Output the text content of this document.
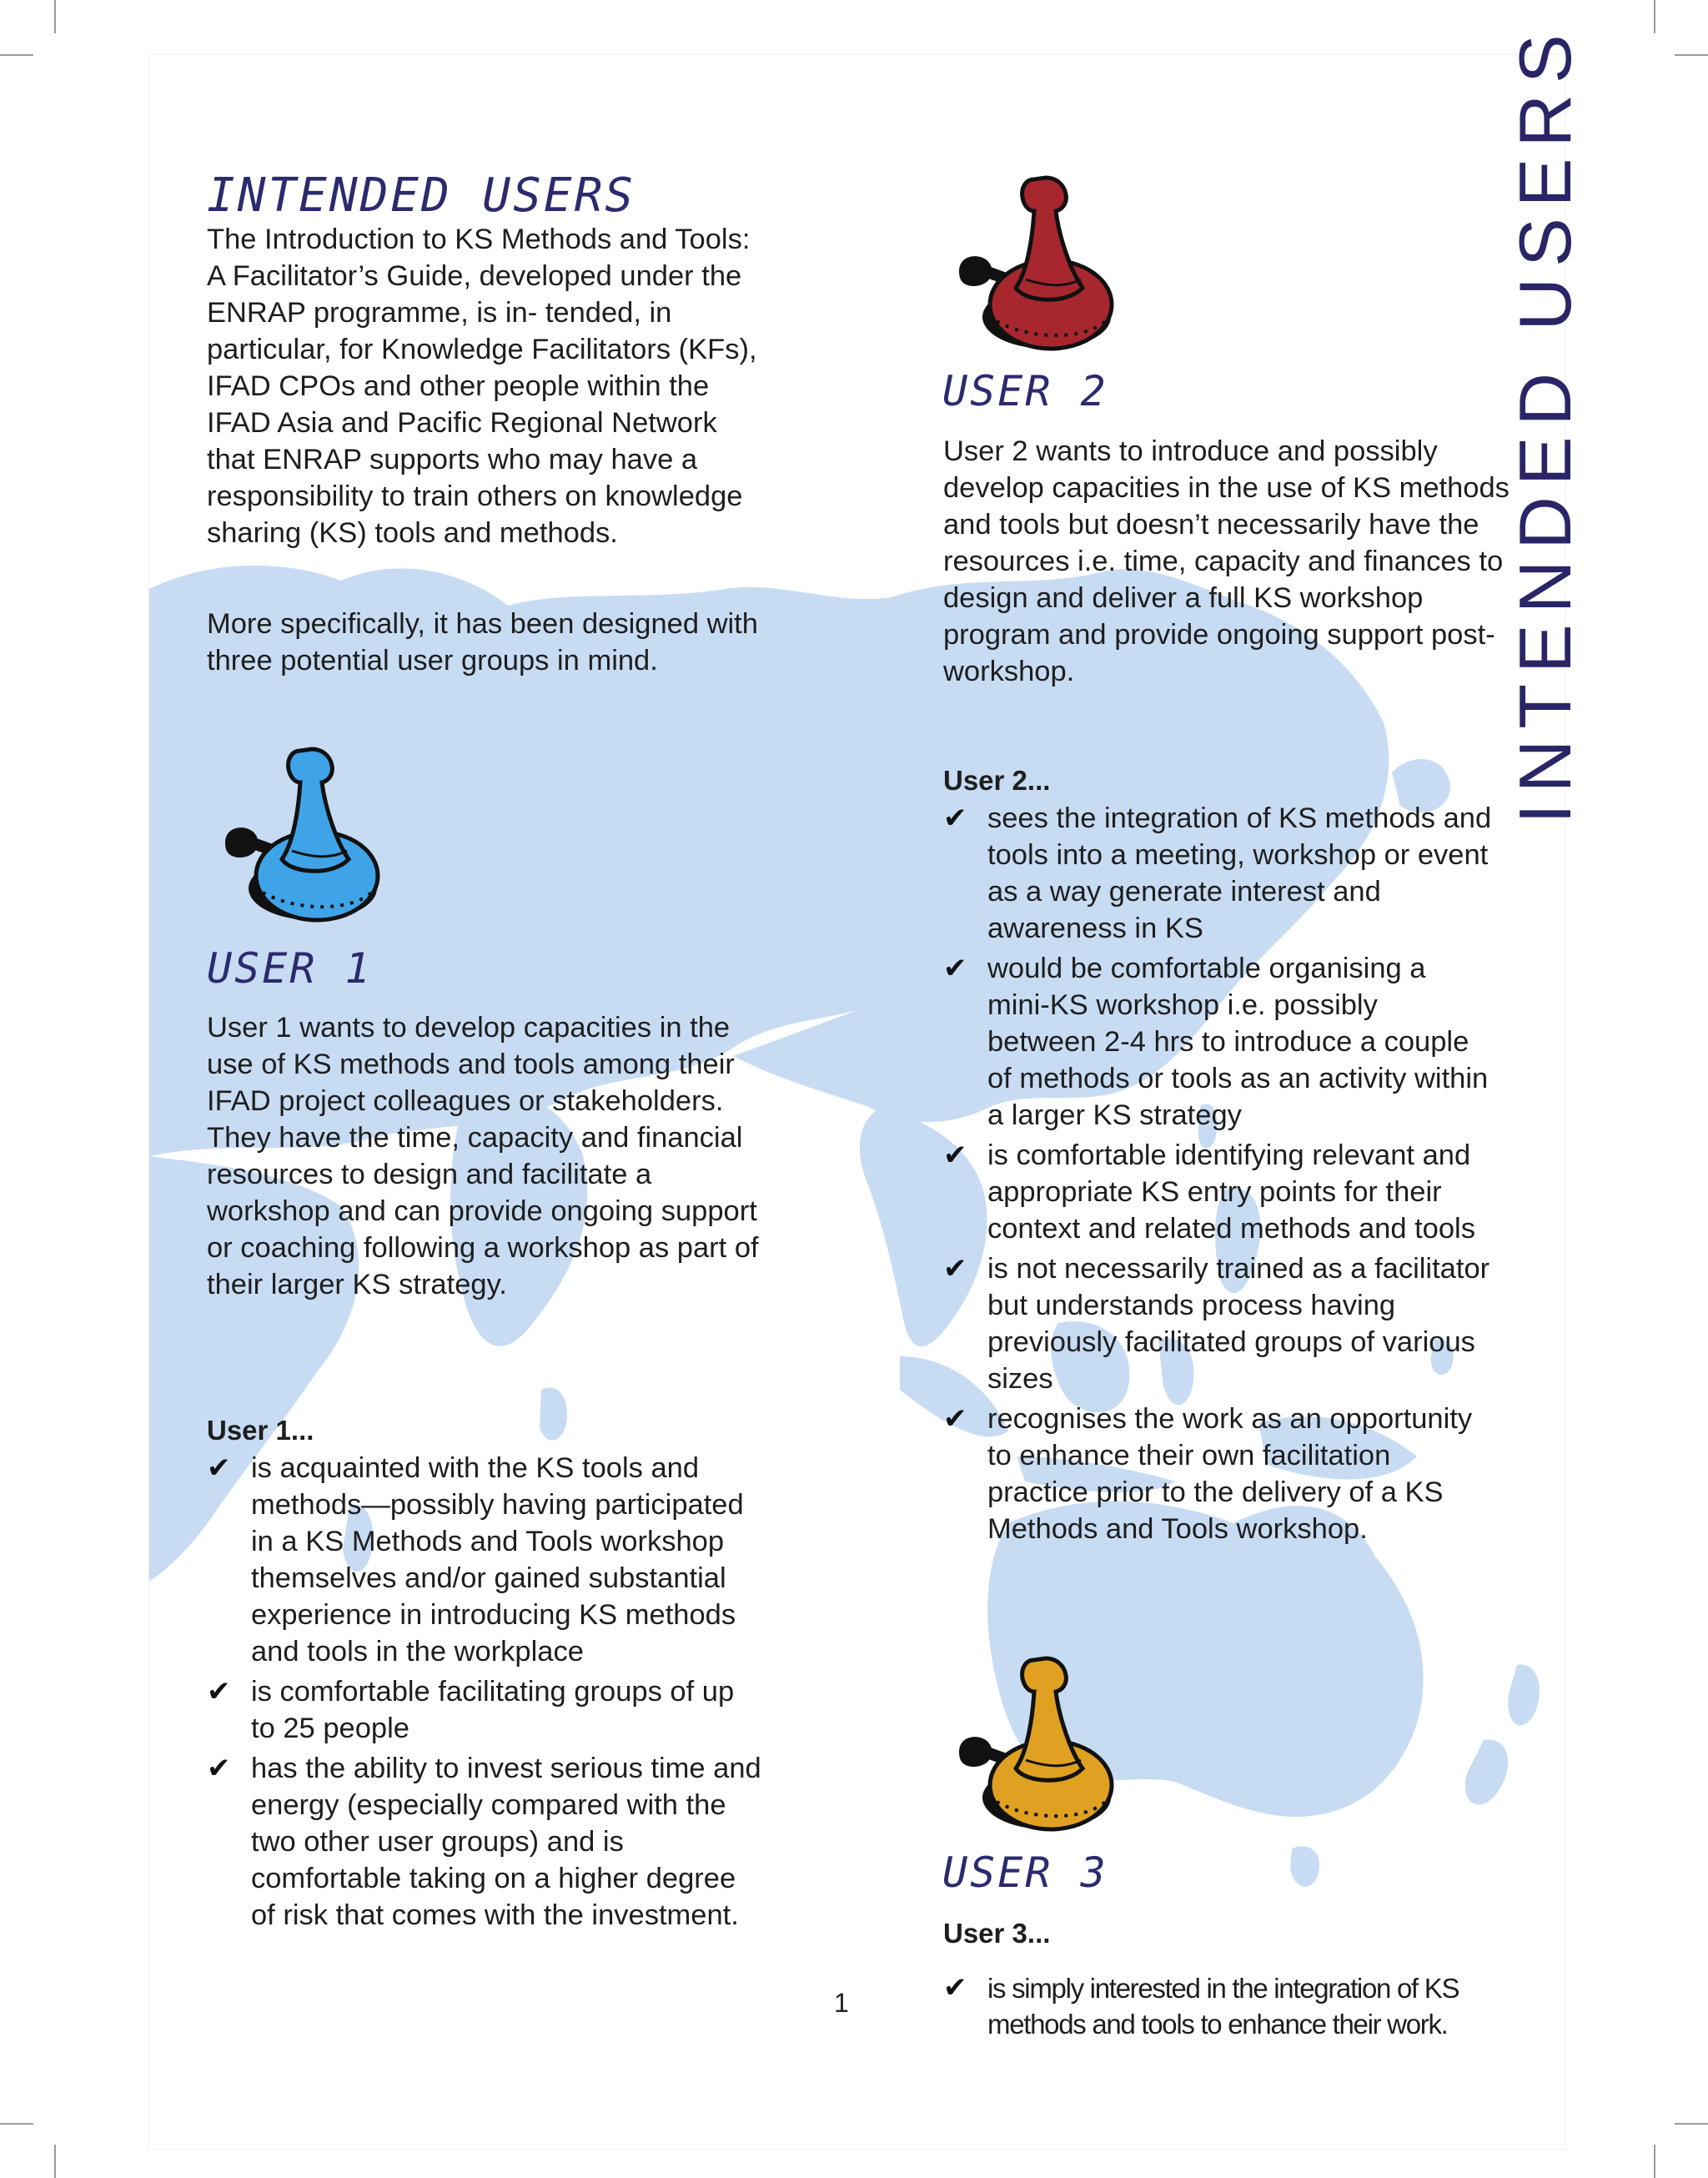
INTENDED USERS
INTENDED USERS

The Introduction to KS Methods and Tools: A Facilitator’s Guide, developed under the ENRAP programme, is in- tended, in particular, for Knowledge Facilitators (KFs), IFAD CPOs and other people within the IFAD Asia and Pacific Regional Network that ENRAP supports who may have a responsibility to train others on knowledge sharing (KS) tools and methods.

More specifically, it has been designed with three potential user groups in mind.

USER 1

User 1 wants to develop capacities in the use of KS methods and tools among their IFAD project colleagues or stakeholders. They have the time, capacity and financial resources to design and facilitate a workshop and can provide ongoing support or coaching following a workshop as part of their larger KS strategy.

User 1...
✔ is acquainted with the KS tools and methods—possibly having participated in a KS Methods and Tools workshop themselves and/or gained substantial experience in introducing KS methods and tools in the workplace
✔ is comfortable facilitating groups of up to 25 people
✔ has the ability to invest serious time and energy (especially compared with the two other user groups) and is comfortable taking on a higher degree of risk that comes with the investment.
USER 2

User 2 wants to introduce and possibly develop capacities in the use of KS methods and tools but doesn’t necessarily have the resources i.e. time, capacity and finances to design and deliver a full KS workshop program and provide ongoing support post-workshop.

User 2...
✔ sees the integration of KS methods and tools into a meeting, workshop or event as a way generate interest and awareness in KS
✔ would be comfortable organising a mini-KS workshop i.e. possibly between 2-4 hrs to introduce a couple of methods or tools as an activity within a larger KS strategy
✔ is comfortable identifying relevant and appropriate KS entry points for their context and related methods and tools
✔ is not necessarily trained as a facilitator but understands process having previously facilitated groups of various sizes
✔ recognises the work as an opportunity to enhance their own facilitation practice prior to the delivery of a KS Methods and Tools workshop.
USER 3
User 3...
✔ is simply interested in the integration of KS methods and tools to enhance their work.
1
